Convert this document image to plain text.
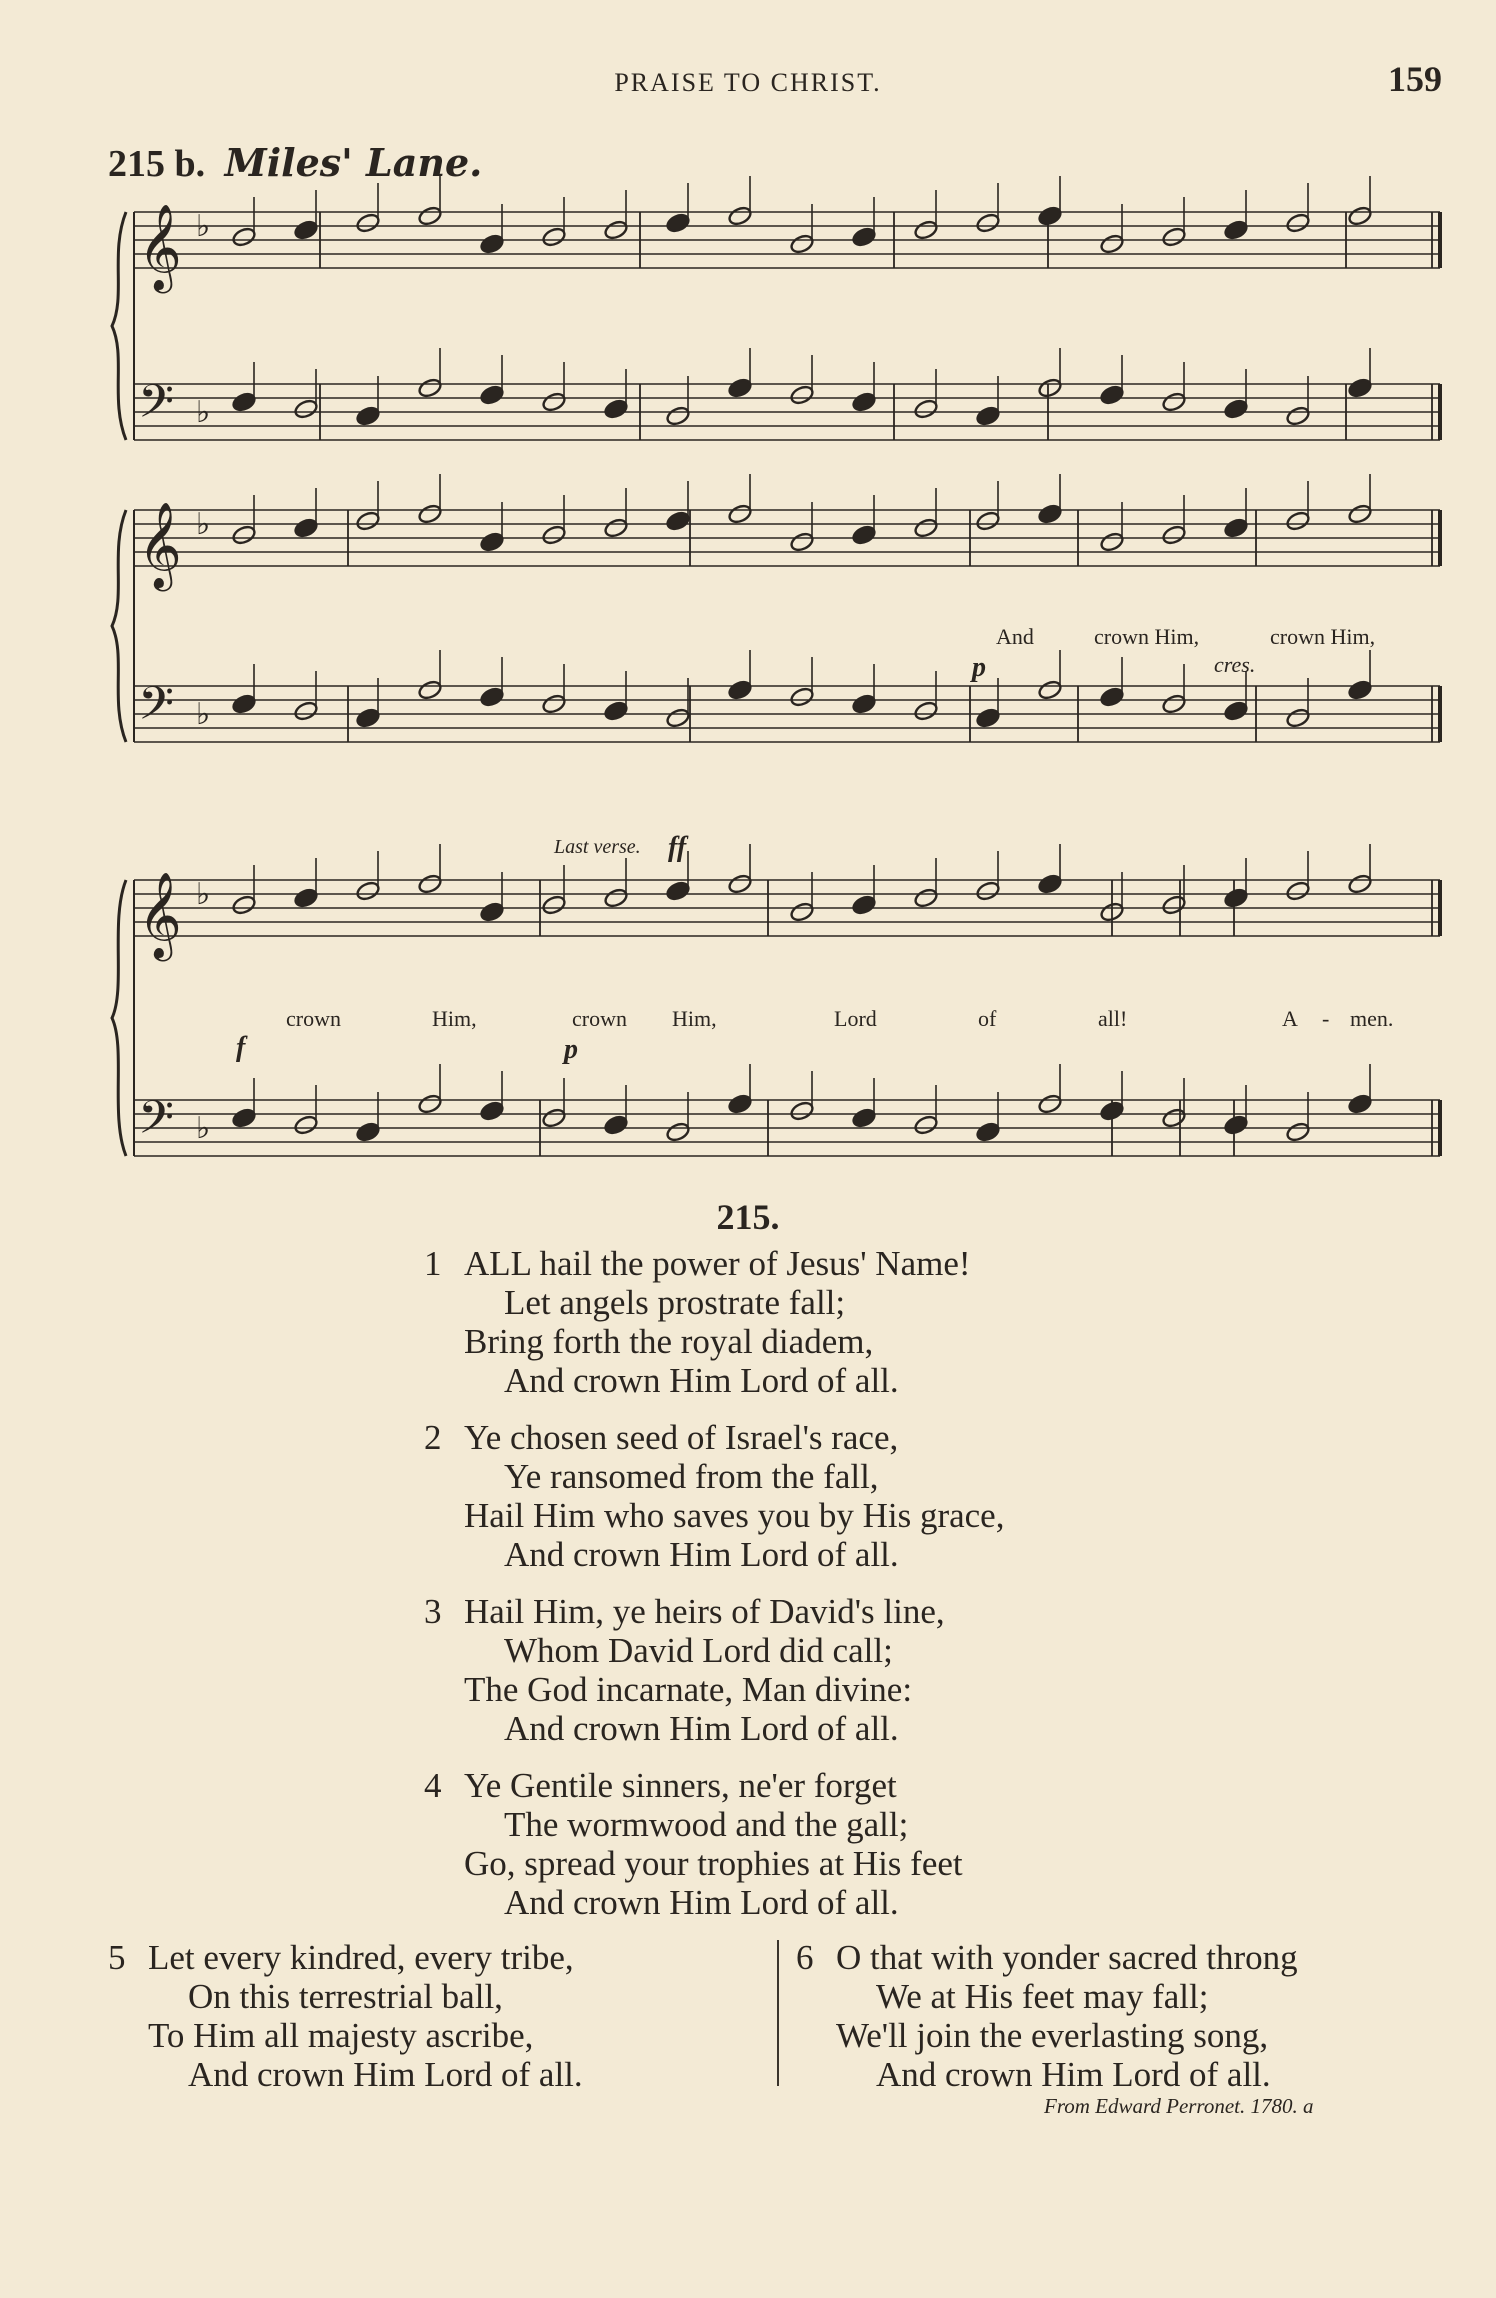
PRAISE TO CHRIST.	159
215 b. Miles' Lane.
𝄞
𝄢
♭
♭
𝄞
𝄢
♭
♭
𝄞
𝄢
♭
♭
And	crown Him,	crown Him,
p	cres.
Last verse. ff
f	p
crown	Him,	crown Him,	Lord	of	all!	A - men.
215.
1 ALL hail the power of Jesus' Name!
Let angels prostrate fall;
Bring forth the royal diadem,
And crown Him Lord of all.
2 Ye chosen seed of Israel's race,
Ye ransomed from the fall,
Hail Him who saves you by His grace,
And crown Him Lord of all.
3 Hail Him, ye heirs of David's line,
Whom David Lord did call;
The God incarnate, Man divine:
And crown Him Lord of all.
4 Ye Gentile sinners, ne'er forget
The wormwood and the gall;
Go, spread your trophies at His feet
And crown Him Lord of all.
5 Let every kindred, every tribe,
On this terrestrial ball,
To Him all majesty ascribe,
And crown Him Lord of all.
6 O that with yonder sacred throng
We at His feet may fall;
We'll join the everlasting song,
And crown Him Lord of all.
From Edward Perronet. 1780. a
